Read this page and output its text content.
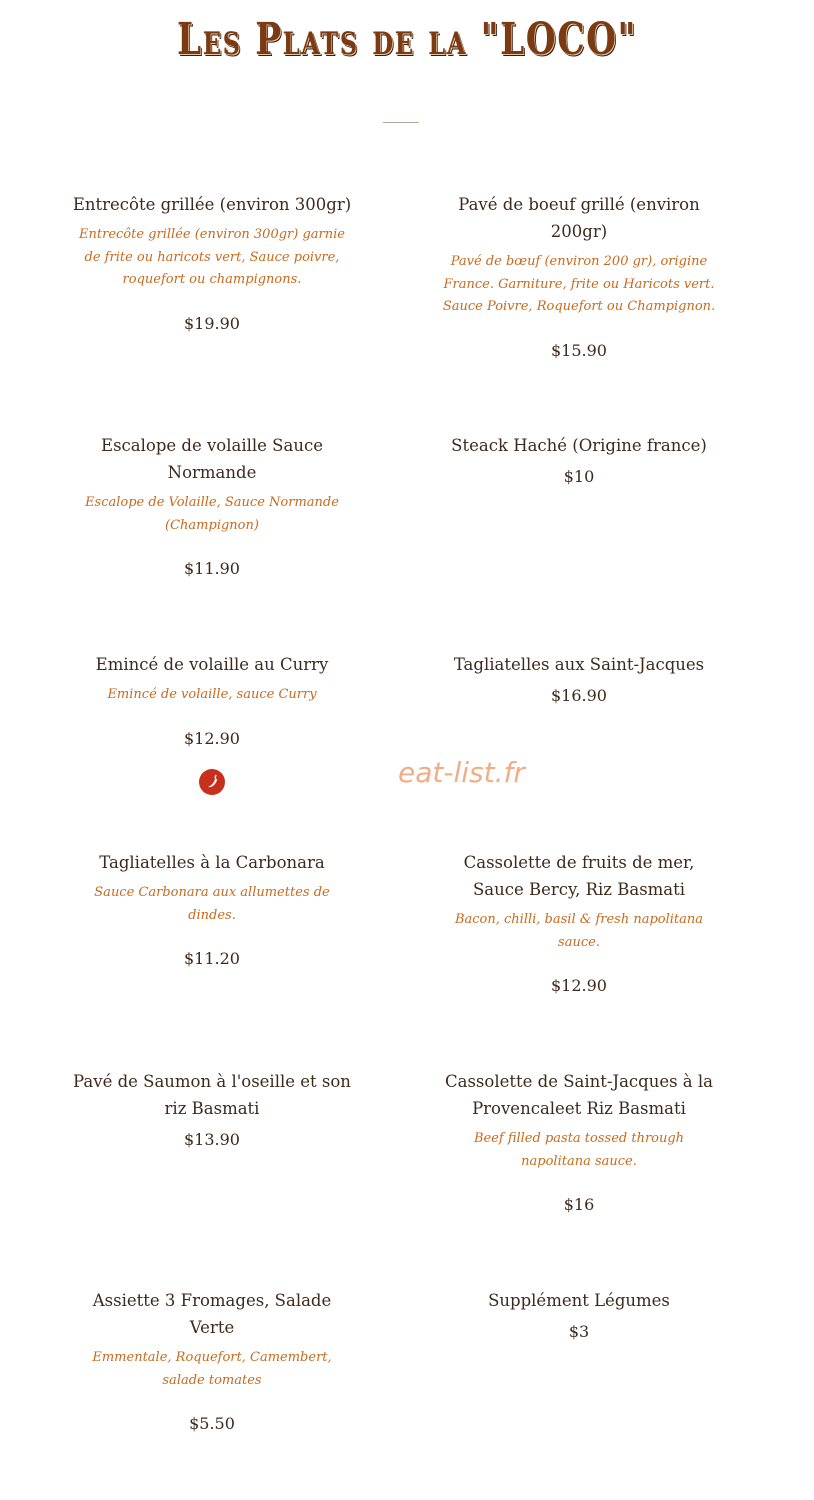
Les Plats de la "LOCO"
Entrecôte grillée (environ 300gr)
Entrecôte grillée (environ 300gr) garnie de frite ou haricots vert, Sauce poivre, roquefort ou champignons.
$19.90
Pavé de boeuf grillé (environ 200gr)
Pavé de bœuf (environ 200 gr), origine France. Garniture, frite ou Haricots vert. Sauce Poivre, Roquefort ou Champignon.
$15.90
Escalope de volaille Sauce Normande
Escalope de Volaille, Sauce Normande (Champignon)
$11.90
Steack Haché (Origine france)
$10
Emincé de volaille au Curry
Emincé de volaille, sauce Curry
$12.90
Tagliatelles aux Saint-Jacques
$16.90
Tagliatelles à la Carbonara
Sauce Carbonara aux allumettes de dindes.
$11.20
Cassolette de fruits de mer, Sauce Bercy, Riz Basmati
Bacon, chilli, basil & fresh napolitana sauce.
$12.90
Pavé de Saumon à l'oseille et son riz Basmati
$13.90
Cassolette de Saint-Jacques à la Provencaleet Riz Basmati
Beef filled pasta tossed through napolitana sauce.
$16
Assiette 3 Fromages, Salade Verte
Emmentale, Roquefort, Camembert, salade tomates
$5.50
Supplément Légumes
$3
eat-list.fr
